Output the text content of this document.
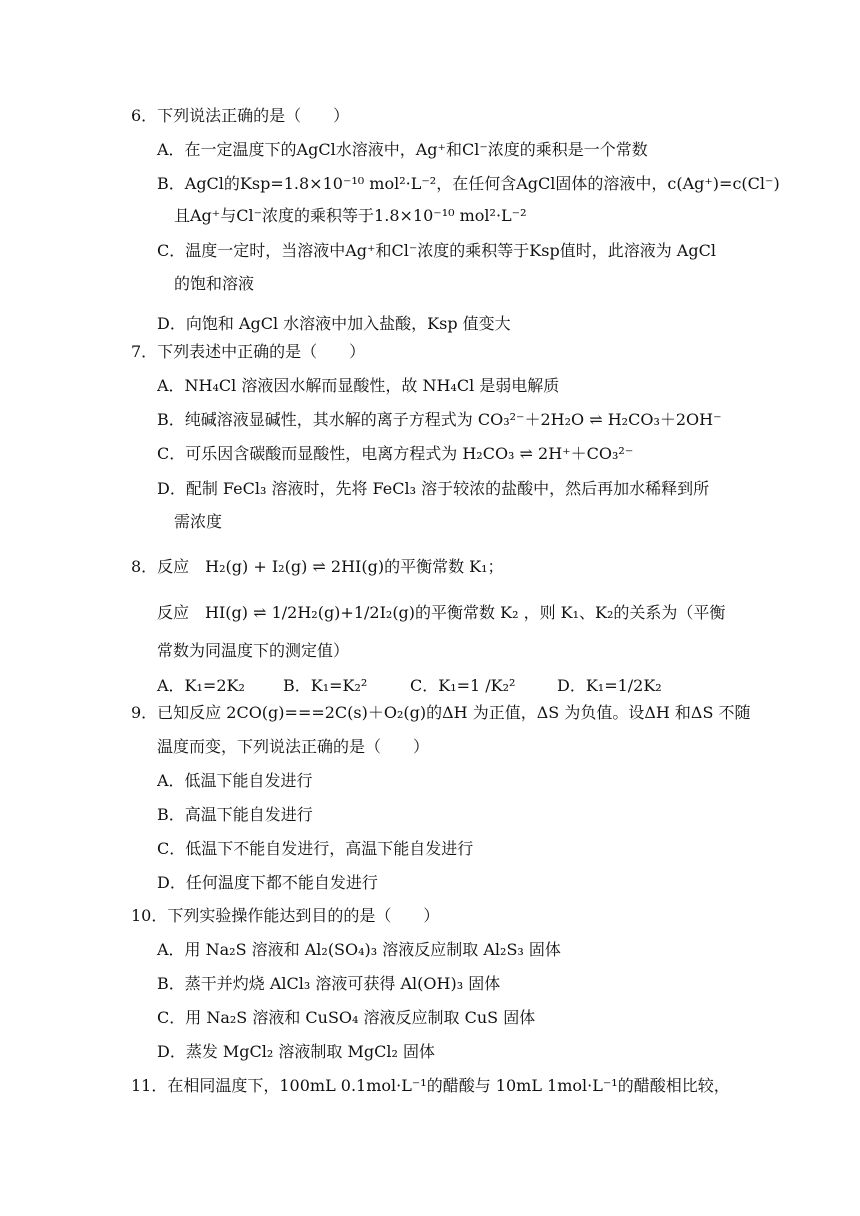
6．下列说法正确的是（　　）
A．在一定温度下的AgCl水溶液中，Ag⁺和Cl⁻浓度的乘积是一个常数
B．AgCl的Ksp=1.8×10⁻¹⁰ mol²·L⁻²，在任何含AgCl固体的溶液中，c(Ag⁺)=c(Cl⁻)
且Ag⁺与Cl⁻浓度的乘积等于1.8×10⁻¹⁰ mol²·L⁻²
C．温度一定时，当溶液中Ag⁺和Cl⁻浓度的乘积等于Ksp值时，此溶液为 AgCl
的饱和溶液
D．向饱和 AgCl 水溶液中加入盐酸，Ksp 值变大
7．下列表述中正确的是（　　）
A．NH₄Cl 溶液因水解而显酸性，故 NH₄Cl 是弱电解质
B．纯碱溶液显碱性，其水解的离子方程式为 CO₃²⁻＋2H₂O ⇌ H₂CO₃＋2OH⁻
C．可乐因含碳酸而显酸性，电离方程式为 H₂CO₃ ⇌ 2H⁺＋CO₃²⁻
D．配制 FeCl₃ 溶液时，先将 FeCl₃ 溶于较浓的盐酸中，然后再加水稀释到所
需浓度
8．反应　H₂(g) + I₂(g) ⇌ 2HI(g)的平衡常数 K₁；
反应　HI(g) ⇌ 1/2H₂(g)+1/2I₂(g)的平衡常数 K₂ ，则 K₁、K₂的关系为（平衡
常数为同温度下的测定值）
A．K₁=2K₂ B．K₁=K₂²	C．K₁=1 /K₂²	D．K₁=1/2K₂
9．已知反应 2CO(g)===2C(s)＋O₂(g)的ΔH 为正值，ΔS 为负值。设ΔH 和ΔS 不随
温度而变，下列说法正确的是（　　）
A．低温下能自发进行
B．高温下能自发进行
C．低温下不能自发进行，高温下能自发进行
D．任何温度下都不能自发进行
10．下列实验操作能达到目的的是（　　）
A．用 Na₂S 溶液和 Al₂(SO₄)₃ 溶液反应制取 Al₂S₃ 固体
B．蒸干并灼烧 AlCl₃ 溶液可获得 Al(OH)₃ 固体
C．用 Na₂S 溶液和 CuSO₄ 溶液反应制取 CuS 固体
D．蒸发 MgCl₂ 溶液制取 MgCl₂ 固体
11．在相同温度下，100mL 0.1mol·L⁻¹的醋酸与 10mL 1mol·L⁻¹的醋酸相比较，
